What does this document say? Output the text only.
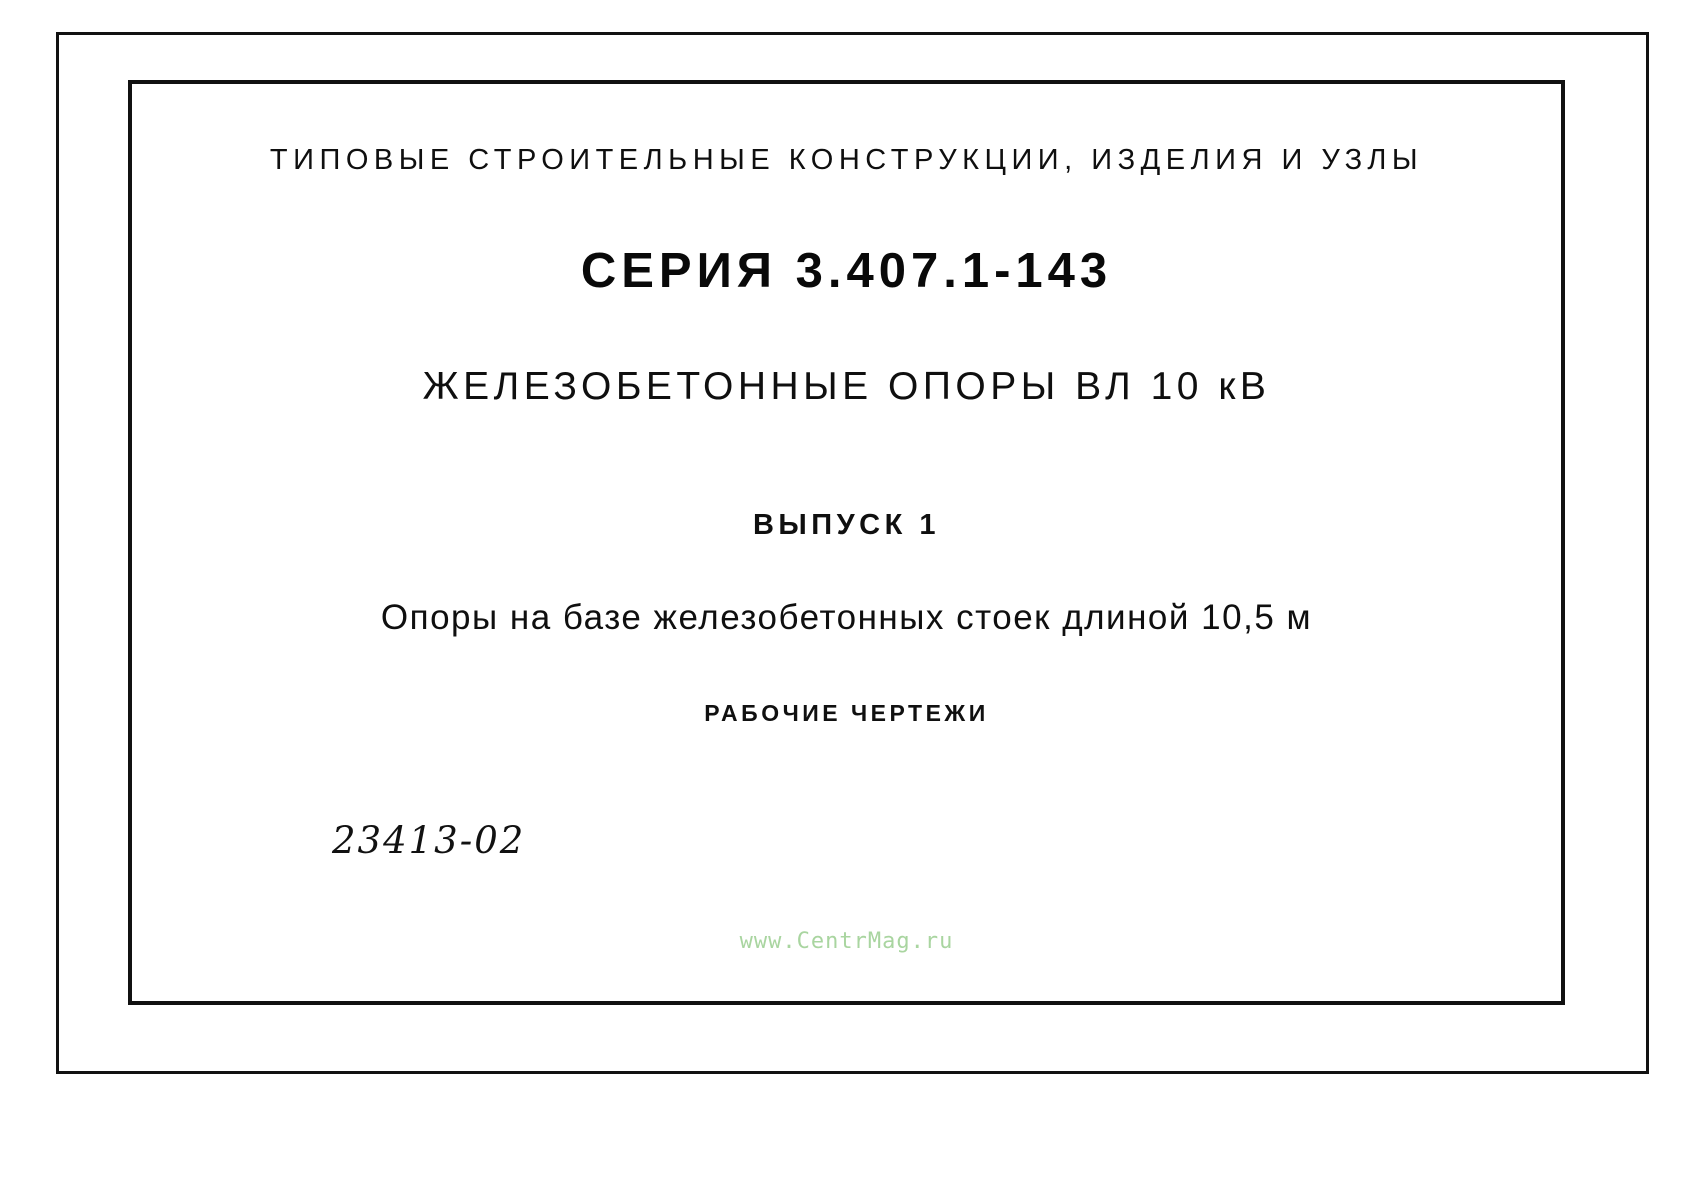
ТИПОВЫЕ СТРОИТЕЛЬНЫЕ КОНСТРУКЦИИ, ИЗДЕЛИЯ И УЗЛЫ
СЕРИЯ 3.407.1-143
ЖЕЛЕЗОБЕТОННЫЕ ОПОРЫ ВЛ 10 кВ
ВЫПУСК 1
Опоры на базе железобетонных стоек длиной 10,5 м
РАБОЧИЕ ЧЕРТЕЖИ
23413-02
www.CentrMag.ru
